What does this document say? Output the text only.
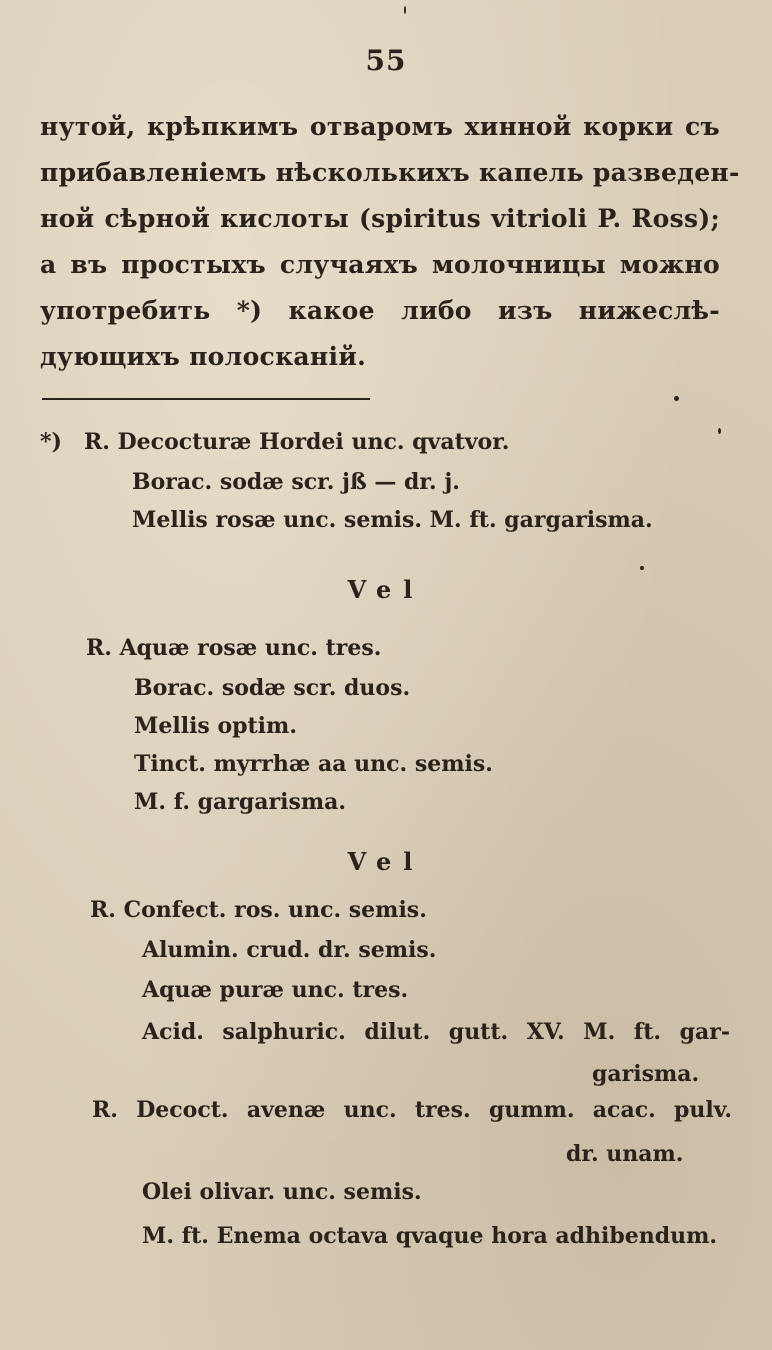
55
нутой, крѣпкимъ отваромъ хинной корки съ
прибавленіемъ нѣсколькихъ капель разведен-
ной сѣрной кислоты (spiritus vitrioli P. Ross);
а въ простыхъ случаяхъ молочницы можно
употребить *) какое либо изъ нижеслѣ-
дующихъ полосканій.
*) R. Decocturæ Hordei unc. qvatvor.
Borac. sodæ scr. jß — dr. j.
Mellis rosæ unc. semis. M. ft. gargarisma.
Vel
R. Aquæ rosæ unc. tres.
Borac. sodæ scr. duos.
Mellis optim.
Tinct. myrrhæ aa unc. semis.
M. f. gargarisma.
Vel
R. Confect. ros. unc. semis.
Alumin. crud. dr. semis.
Aquæ puræ unc. tres.
Acid. salphuric. dilut. gutt. XV. M. ft. gar-
garisma.
R. Decoct. avenæ unc. tres. gumm. acac. pulv.
dr. unam.
Olei olivar. unc. semis.
M. ft. Enema octava qvaque hora adhibendum.
